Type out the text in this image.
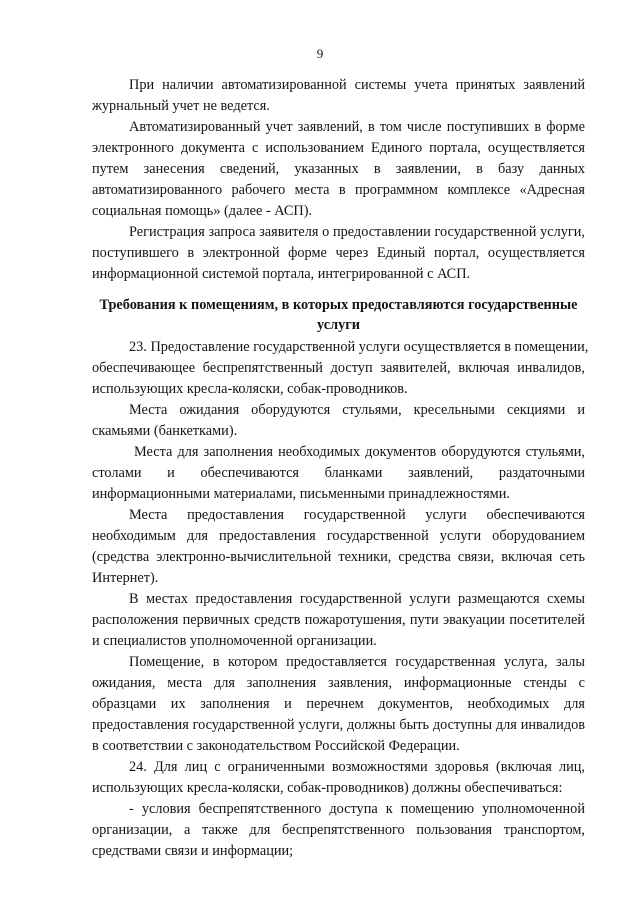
9
При наличии автоматизированной системы учета принятых заявлений
журнальный учет не ведется.
Автоматизированный учет заявлений, в том числе поступивших в форме
электронного документа с использованием Единого портала, осуществляется
путем занесения сведений, указанных в заявлении, в базу данных
автоматизированного рабочего места в программном комплексе «Адресная
социальная помощь» (далее - АСП).
Регистрация запроса заявителя о предоставлении государственной услуги,
поступившего в электронной форме через Единый портал, осуществляется
информационной системой портала, интегрированной с АСП.
Требования к помещениям, в которых предоставляются государственные
услуги
23. Предоставление государственной услуги осуществляется в помещении,
обеспечивающее беспрепятственный доступ заявителей, включая инвалидов,
использующих кресла-коляски, собак-проводников.
Места ожидания оборудуются стульями, кресельными секциями и
скамьями (банкетками).
Места для заполнения необходимых документов оборудуются стульями,
столами и обеспечиваются бланками заявлений, раздаточными
информационными материалами, письменными принадлежностями.
Места предоставления государственной услуги обеспечиваются
необходимым для предоставления государственной услуги оборудованием
(средства электронно-вычислительной техники, средства связи, включая сеть
Интернет).
В местах предоставления государственной услуги размещаются схемы
расположения первичных средств пожаротушения, пути эвакуации посетителей
и специалистов уполномоченной организации.
Помещение, в котором предоставляется государственная услуга, залы
ожидания, места для заполнения заявления, информационные стенды с
образцами их заполнения и перечнем документов, необходимых для
предоставления государственной услуги, должны быть доступны для инвалидов
в соответствии с законодательством Российской Федерации.
24. Для лиц с ограниченными возможностями здоровья (включая лиц,
использующих кресла-коляски, собак-проводников) должны обеспечиваться:
- условия беспрепятственного доступа к помещению уполномоченной
организации, а также для беспрепятственного пользования транспортом,
средствами связи и информации;
